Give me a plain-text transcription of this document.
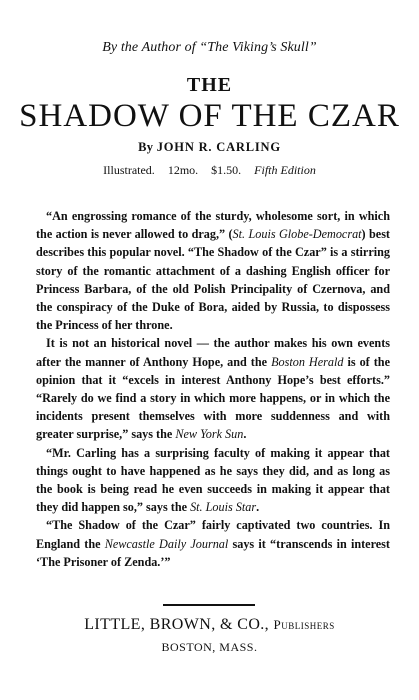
By the Author of “The Viking’s Skull”
THE
SHADOW OF THE CZAR
By JOHN R. CARLING
Illustrated. 12mo. $1.50. Fifth Edition

“An engrossing romance of the sturdy, wholesome sort, in which the action is never allowed to drag,” (St. Louis Globe-Democrat) best describes this popular novel. “The Shadow of the Czar” is a stirring story of the romantic attachment of a dashing English officer for Princess Barbara, of the old Polish Principality of Czernova, and the conspiracy of the Duke of Bora, aided by Russia, to dispossess the Princess of her throne.

It is not an historical novel — the author makes his own events after the manner of Anthony Hope, and the Boston Herald is of the opinion that it “excels in interest Anthony Hope’s best efforts.” “Rarely do we find a story in which more happens, or in which the incidents present themselves with more suddenness and with greater surprise,” says the New York Sun.

“Mr. Carling has a surprising faculty of making it appear that things ought to have happened as he says they did, and as long as the book is being read he even succeeds in making it appear that they did happen so,” says the St. Louis Star.

“The Shadow of the Czar” fairly captivated two countries. In England the Newcastle Daily Journal says it “transcends in interest ‘The Prisoner of Zenda.’”

LITTLE, BROWN, & CO., Publishers
BOSTON, MASS.
